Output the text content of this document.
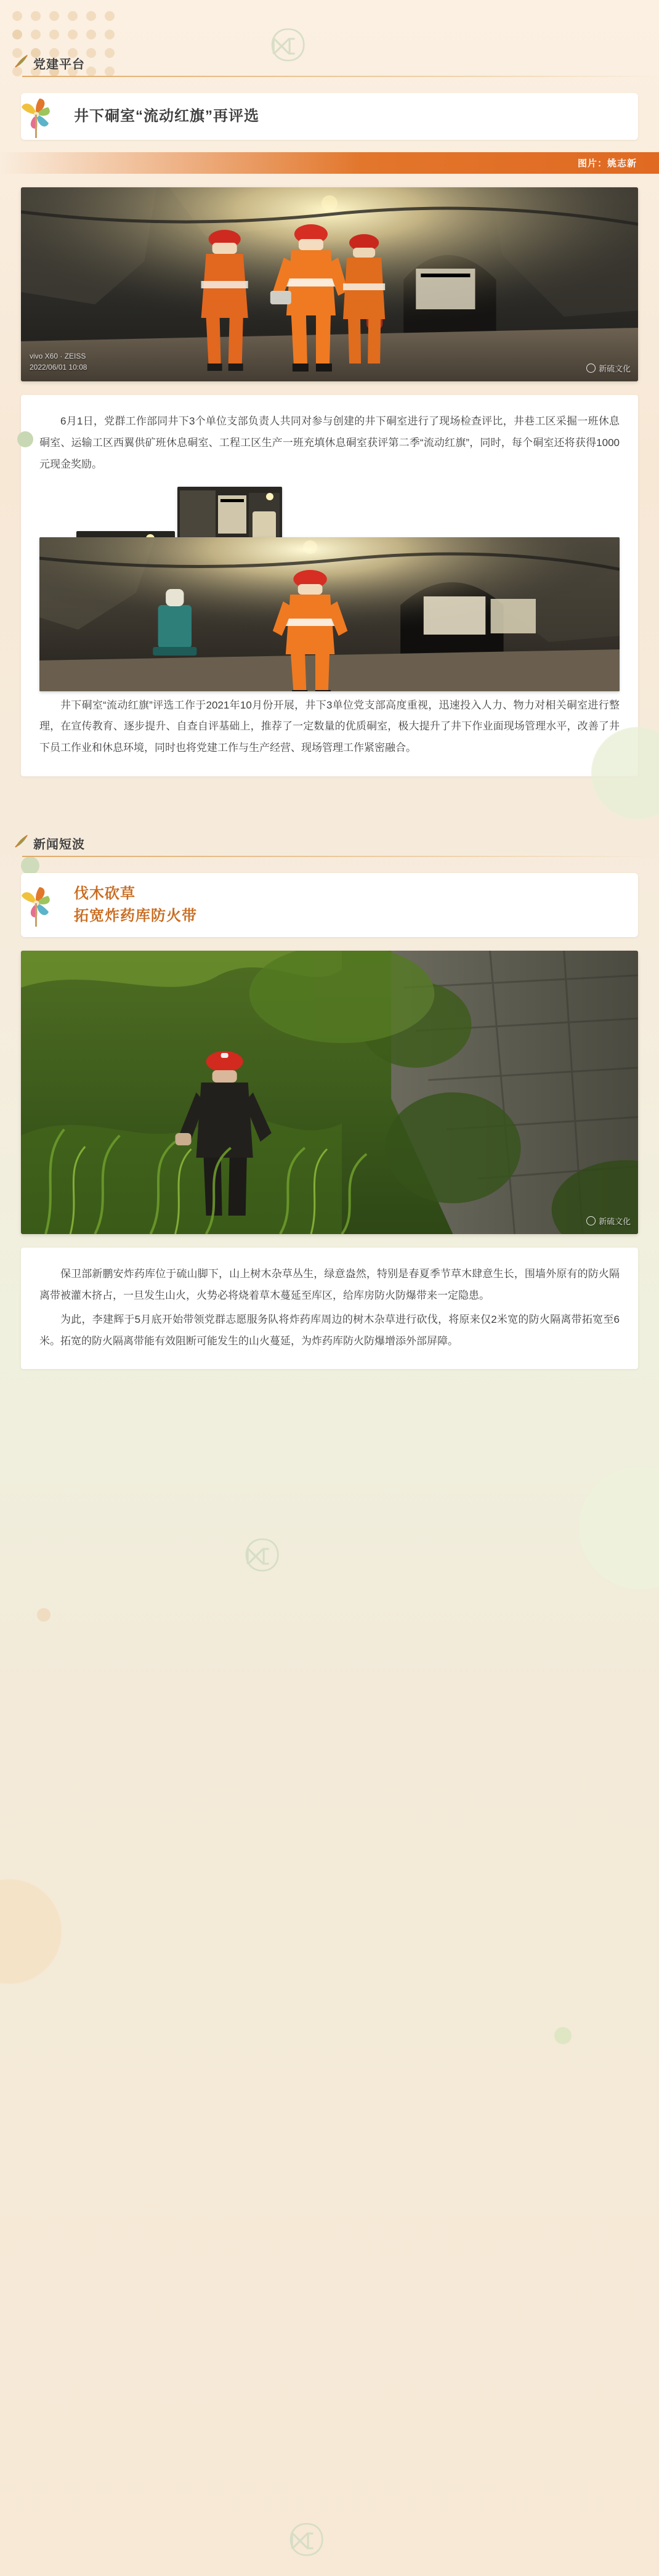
⟖⃝
⟖⃝
⟖⃝
党建平台
井下硐室“流动红旗”再评选
图片：姚志新
vivo X60 · ZEISS
2022/06/01 10:08	新硫文化

6月1日，党群工作部同井下3个单位支部负责人共同对参与创建的井下硐室进行了现场检查评比，井巷工区采掘一班休息硐室、运输工区西翼供矿班休息硐室、工程工区生产一班充填休息硐室获评第二季“流动红旗”，同时，每个硐室还将获得1000元现金奖励。

井下硐室“流动红旗”评选工作于2021年10月份开展，井下3单位党支部高度重视，迅速投入人力、物力对相关硐室进行整理，在宣传教育、逐步提升、自查自评基础上，推荐了一定数量的优质硐室，极大提升了井下作业面现场管理水平，改善了井下员工作业和休息环境，同时也将党建工作与生产经营、现场管理工作紧密融合。

新闻短波
伐木砍草
拓宽炸药库防火带
新硫文化

保卫部新鹏安炸药库位于硫山脚下，山上树木杂草丛生，绿意盎然，特别是春夏季节草木肆意生长，围墙外原有的防火隔离带被灌木挤占，一旦发生山火，火势必将烧着草木蔓延至库区，给库房防火防爆带来一定隐患。

为此，李建辉于5月底开始带领党群志愿服务队将炸药库周边的树木杂草进行砍伐，将原来仅2米宽的防火隔离带拓宽至6米。拓宽的防火隔离带能有效阻断可能发生的山火蔓延，为炸药库防火防爆增添外部屏障。
